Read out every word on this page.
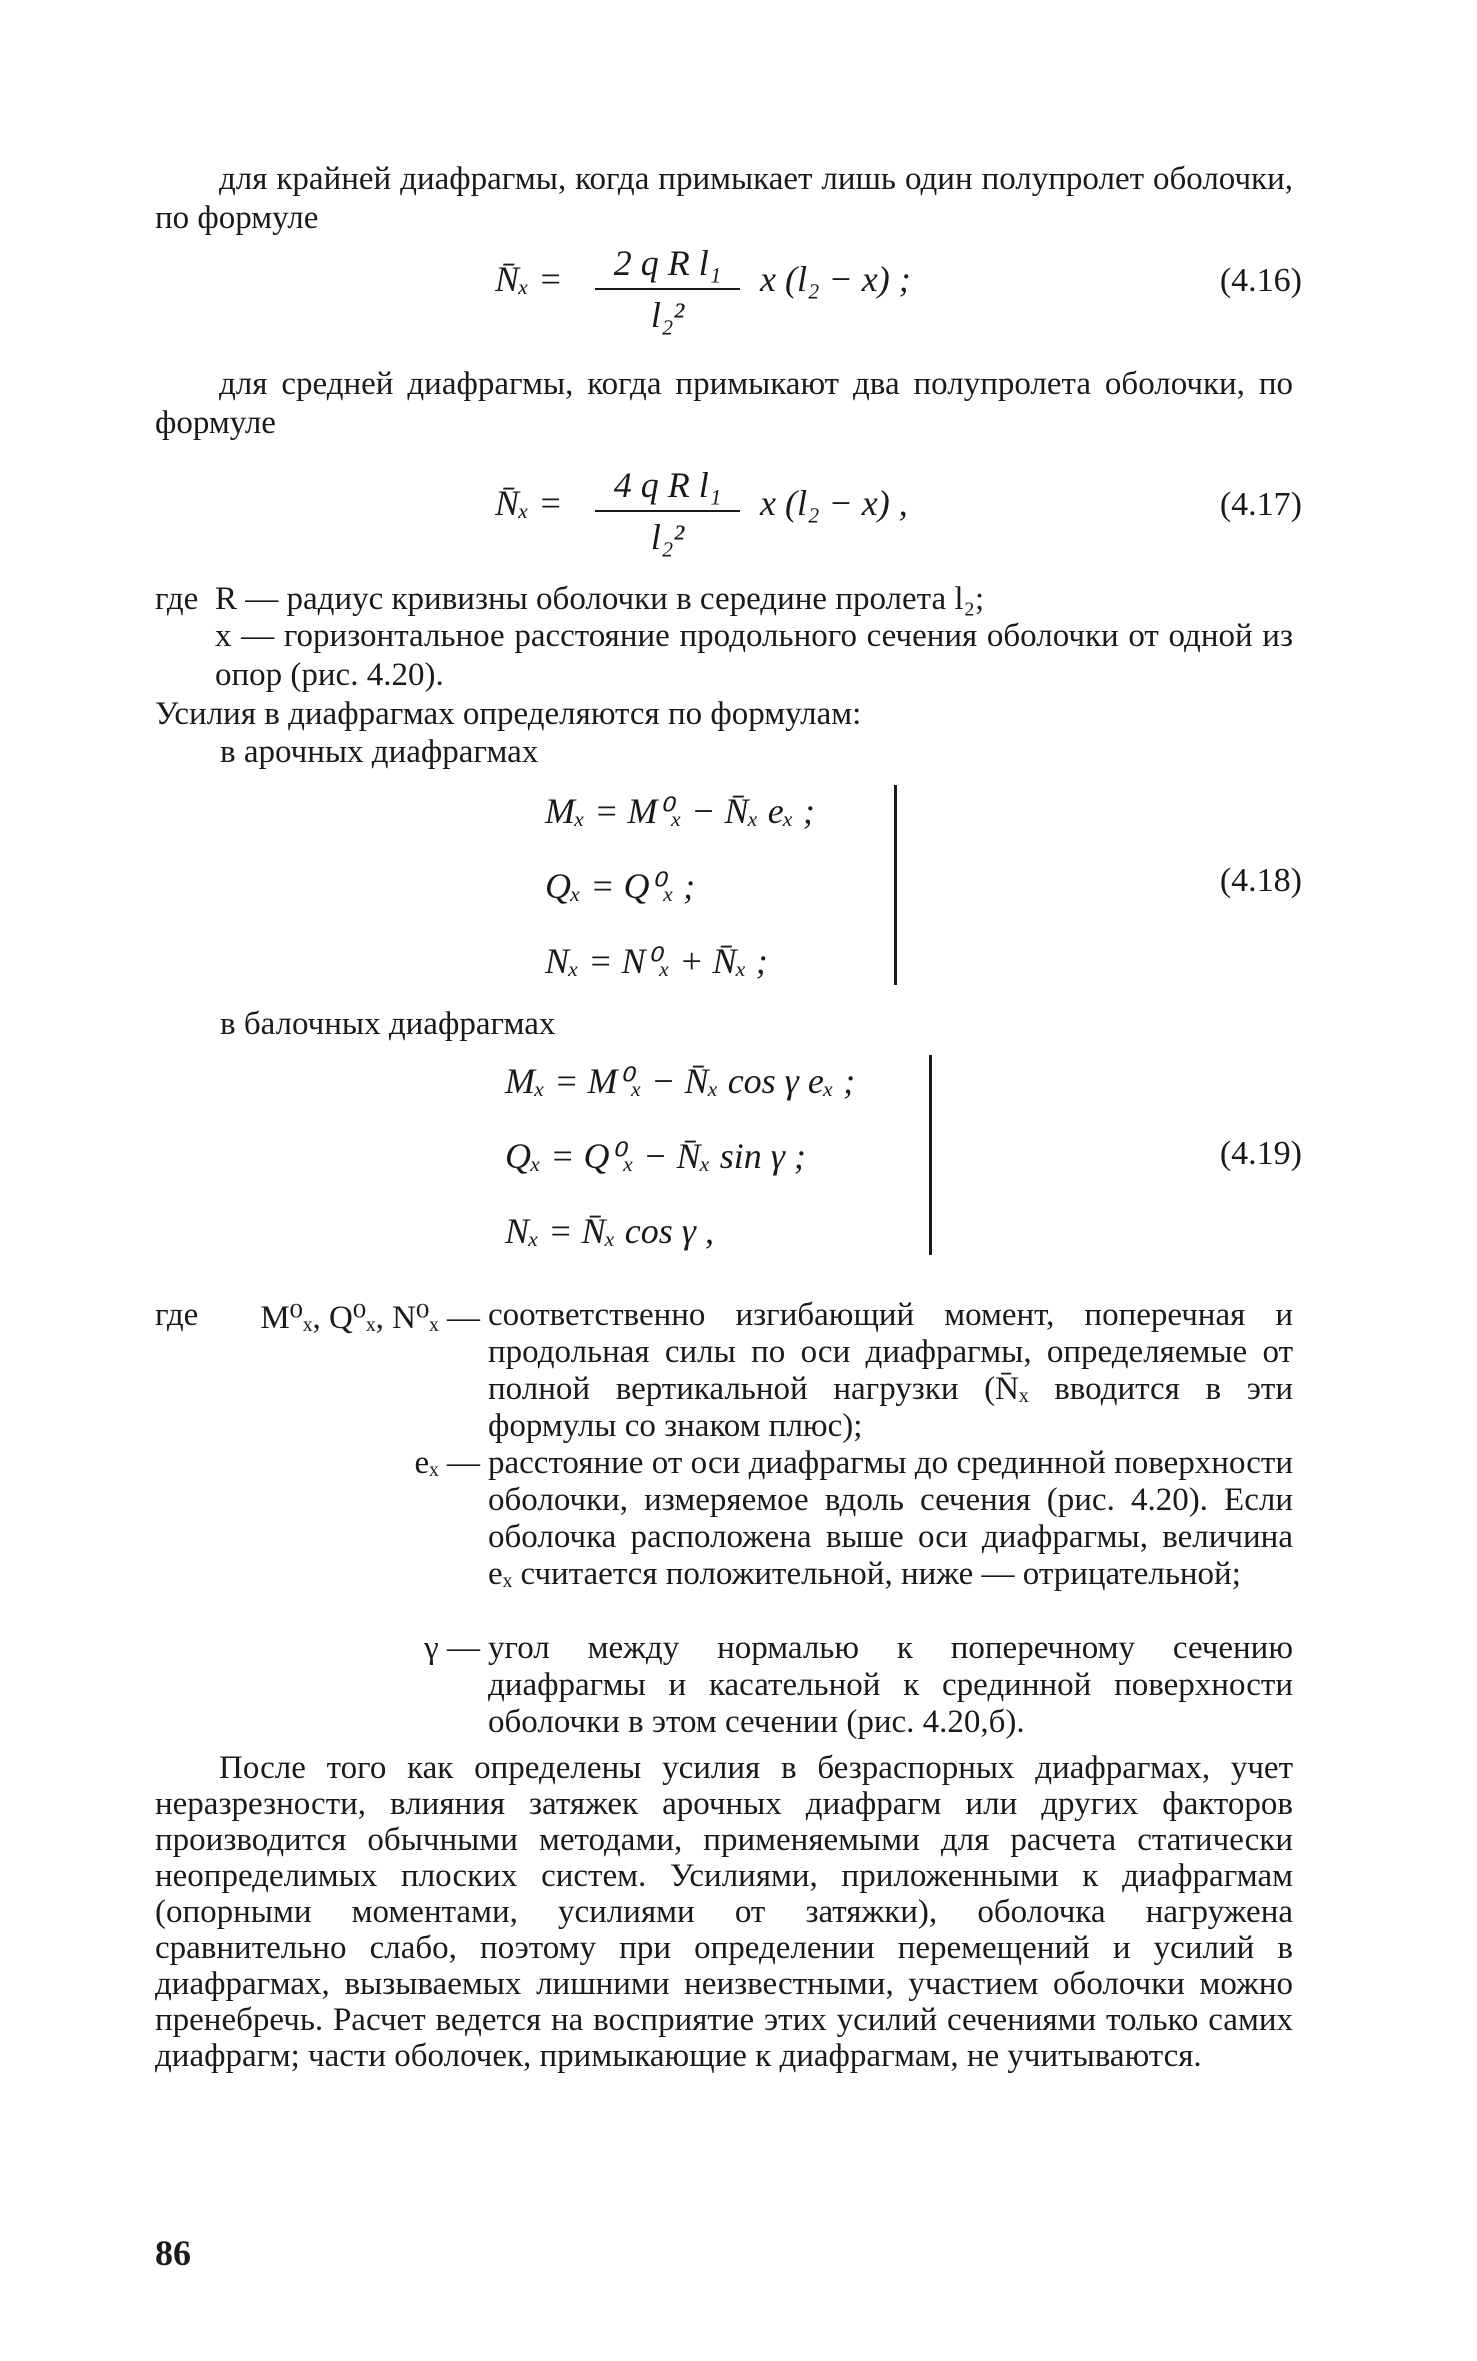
для крайней диафрагмы, когда примыкает лишь один полупролет оболочки, по формуле

N̄ₓ =	2 q R l₁
l₂²
x (l₂ − x) ;	(4.16)

для средней диафрагмы, когда примыкают два полупролета оболочки, по формуле

N̄ₓ =	4 q R l₁
l₂²
x (l₂ − x) ,	(4.17)
где R — радиус кривизны оболочки в середине пролета l₂;

x — горизонтальное расстояние продольного сечения оболочки от одной из опор (рис. 4.20).

Усилия в диафрагмах определяются по формулам:
в арочных диафрагмах
Mₓ = M⁰ₓ − N̄ₓ eₓ ;
Qₓ = Q⁰ₓ ;
Nₓ = N⁰ₓ + N̄ₓ ;
(4.18)
в балочных диафрагмах
Mₓ = M⁰ₓ − N̄ₓ cos γ eₓ ;
Qₓ = Q⁰ₓ − N̄ₓ sin γ ;
Nₓ = N̄ₓ cos γ ,
(4.19)
где	M⁰ₓ, Q⁰ₓ, N⁰ₓ — соответственно изгибающий момент, поперечная и продольная силы по оси диафрагмы, определяемые от полной вертикальной нагрузки (N̄ₓ вводится в эти формулы со знаком плюс);
eₓ — расстояние от оси диафрагмы до срединной поверхности оболочки, измеряемое вдоль сечения (рис. 4.20). Если оболочка расположена выше оси диафрагмы, величина eₓ считается положительной, ниже — отрицательной;
γ — угол между нормалью к поперечному сечению диафрагмы и касательной к срединной поверхности оболочки в этом сечении (рис. 4.20,б).

После того как определены усилия в безраспорных диафрагмах, учет неразрезности, влияния затяжек арочных диафрагм или других факторов производится обычными методами, применяемыми для расчета статически неопределимых плоских систем. Усилиями, приложенными к диафрагмам (опорными моментами, усилиями от затяжки), оболочка нагружена сравнительно слабо, поэтому при определении перемещений и усилий в диафрагмах, вызываемых лишними неизвестными, участием оболочки можно пренебречь. Расчет ведется на восприятие этих усилий сечениями только самих диафрагм; части оболочек, примыкающие к диафрагмам, не учитываются.

86
